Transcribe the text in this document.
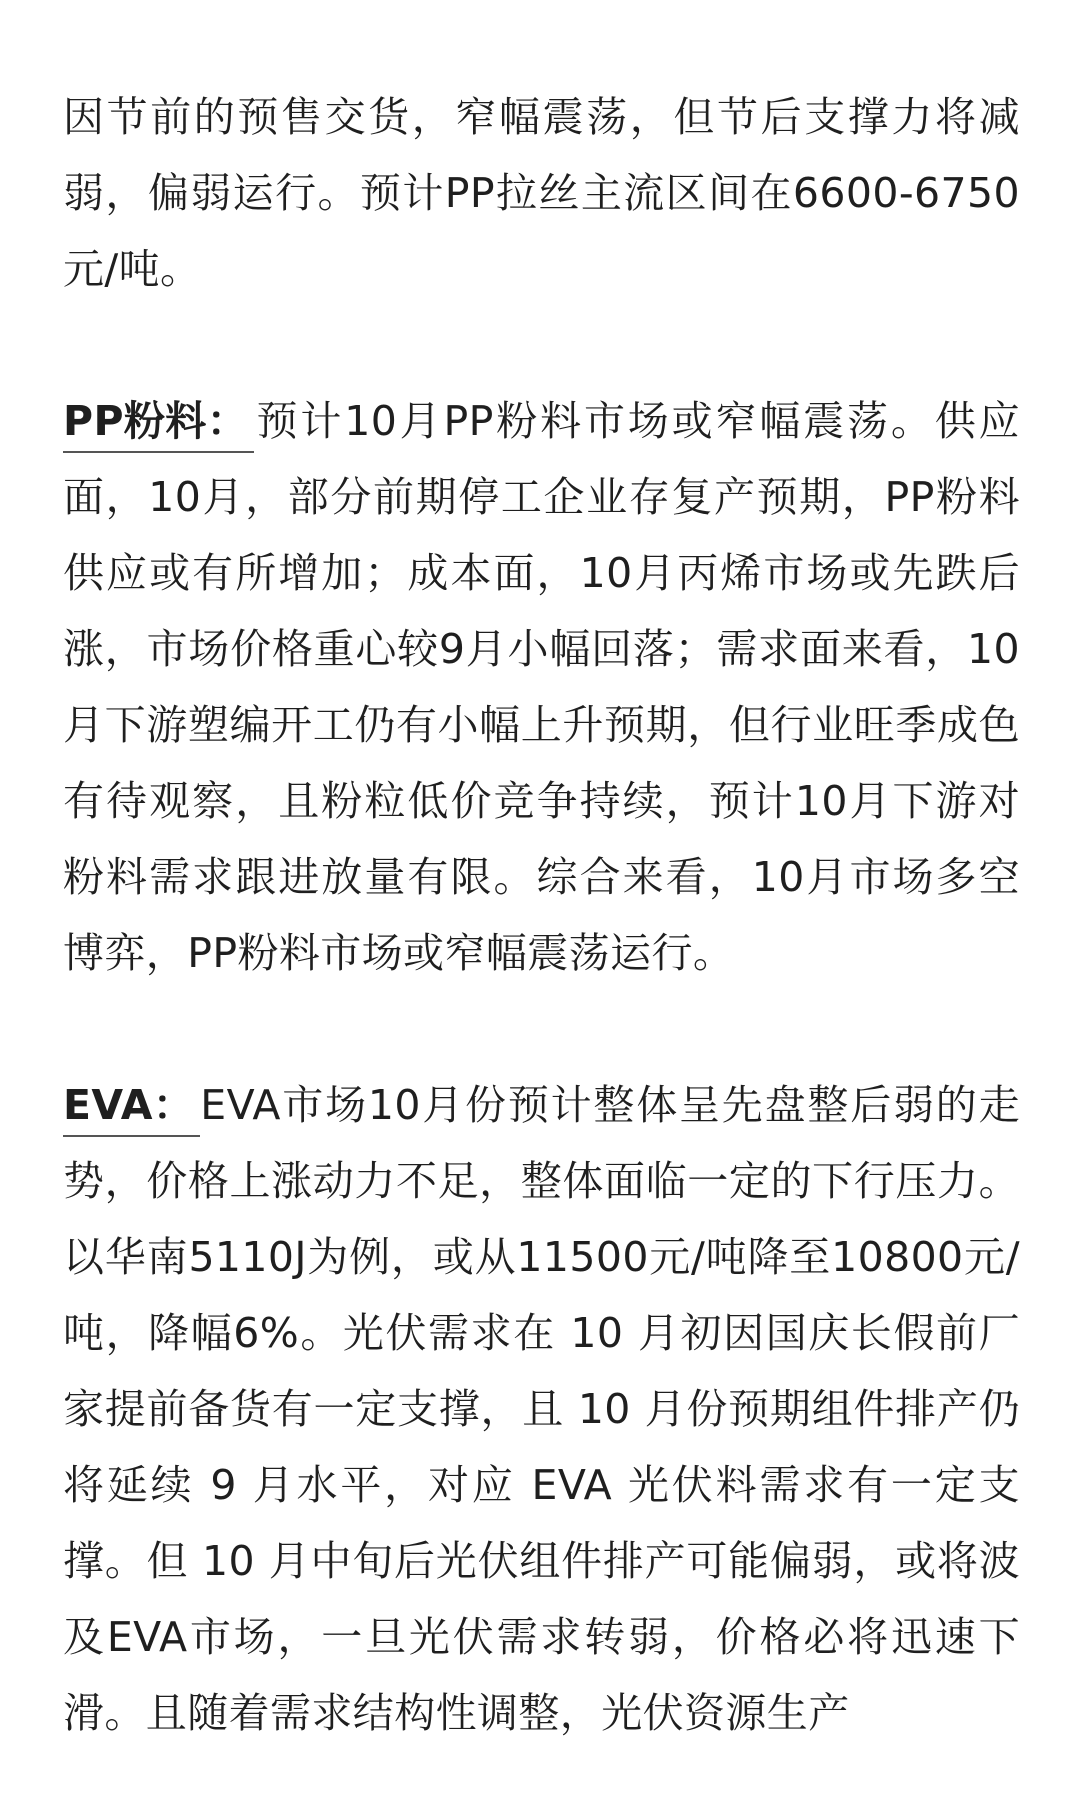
因节前的预售交货，窄幅震荡，但节后支撑力将减弱，偏弱运行。预计PP拉丝主流区间在6600-6750元/吨。

PP粉料： 预计10月PP粉料市场或窄幅震荡。供应面，10月，部分前期停工企业存复产预期，PP粉料供应或有所增加；成本面，10月丙烯市场或先跌后涨，市场价格重心较9月小幅回落；需求面来看，10月下游塑编开工仍有小幅上升预期，但行业旺季成色有待观察，且粉粒低价竞争持续，预计10月下游对粉料需求跟进放量有限。综合来看，10月市场多空博弈，PP粉料市场或窄幅震荡运行。

EVA： EVA市场10月份预计整体呈先盘整后弱的走势，价格上涨动力不足，整体面临一定的下行压力。以华南5110J为例，或从11500元/吨降至10800元/吨，降幅6%。光伏需求在 10 月初因国庆长假前厂家提前备货有一定支撑，且 10 月份预期组件排产仍将延续 9 月水平，对应 EVA 光伏料需求有一定支撑。但 10 月中旬后光伏组件排产可能偏弱，或将波及EVA市场，一旦光伏需求转弱，价格必将迅速下滑。且随着需求结构性调整，光伏资源生产
